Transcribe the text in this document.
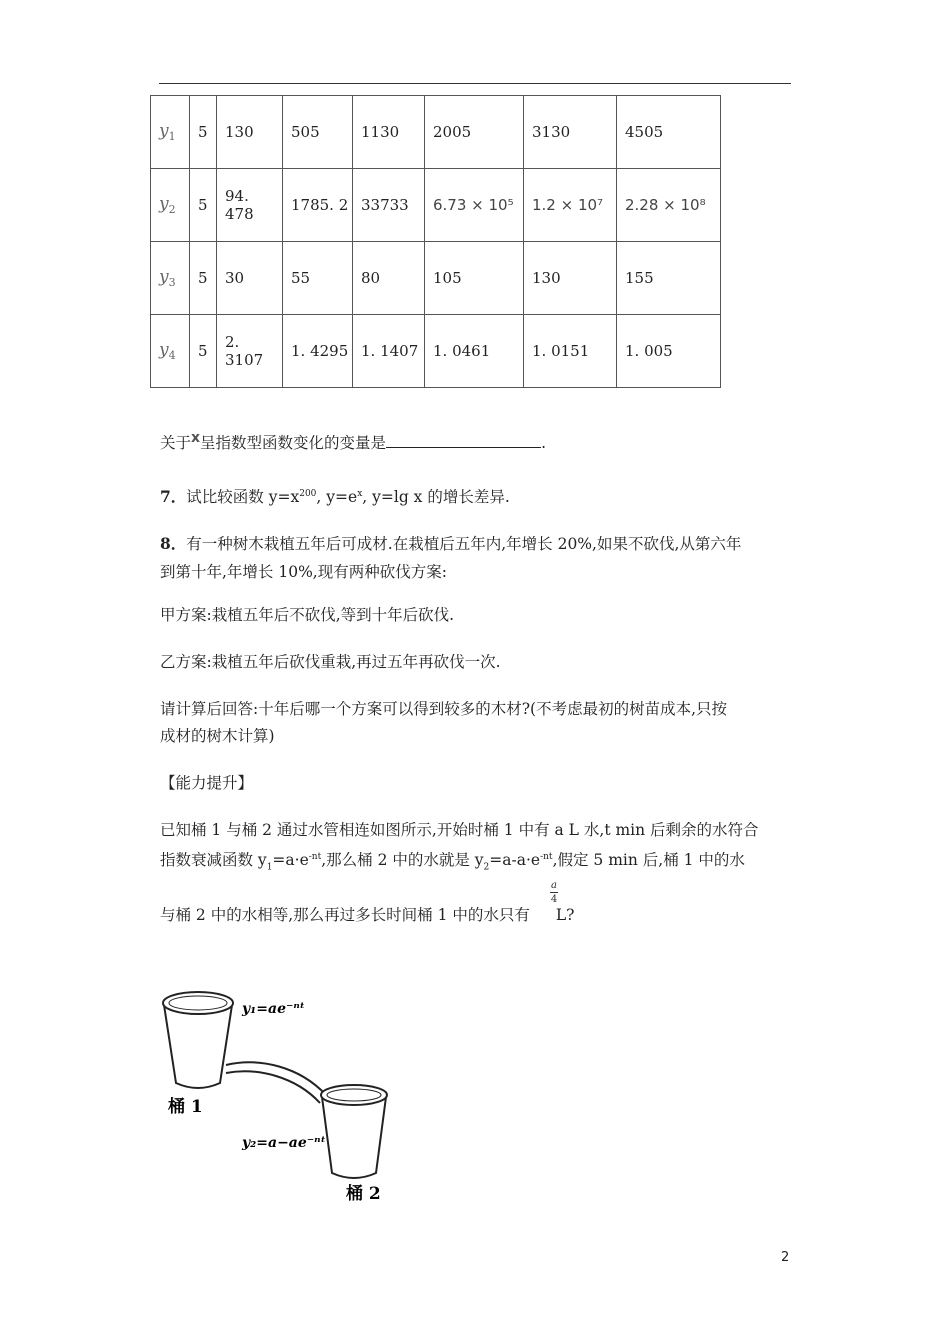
$y_1$	5	130	505	1130	2005	3130	4505
$y_2$	5	94. 478	1785. 2	33733	6.73 × 10⁵	1.2 × 10⁷	2.28 × 10⁸
$y_3$	5	30	55	80	105	130	155
$y_4$	5	2. 3107	1. 4295	1. 1407	1. 0461	1. 0151	1. 005
关于x呈指数型函数变化的变量是	.
7．试比较函数 $y=x^{200}$, $y=e^x$, y=lg x 的增长差异.
8．有一种树木栽植五年后可成材.在栽植后五年内,年增长 20%,如果不砍伐,从第六年
到第十年,年增长 10%,现有两种砍伐方案:
甲方案:栽植五年后不砍伐,等到十年后砍伐.
乙方案:栽植五年后砍伐重栽,再过五年再砍伐一次.
请计算后回答:十年后哪一个方案可以得到较多的木材?(不考虑最初的树苗成本,只按
成材的树木计算)
【能力提升】
已知桶 1 与桶 2 通过水管相连如图所示,开始时桶 1 中有 a L 水,t min 后剩余的水符合
指数衰减函数 $y_1=a\cdot e^{-nt}$,那么桶 2 中的水就是 $y_2=a-a\cdot e^{-nt}$,假定 5 min 后,桶 1 中的水
与桶 2 中的水相等,那么再过多长时间桶 1 中的水只有 L?
a
4
桶 1
桶 2
y₁=ae⁻ⁿᵗ
y₂=a−ae⁻ⁿᵗ
2
